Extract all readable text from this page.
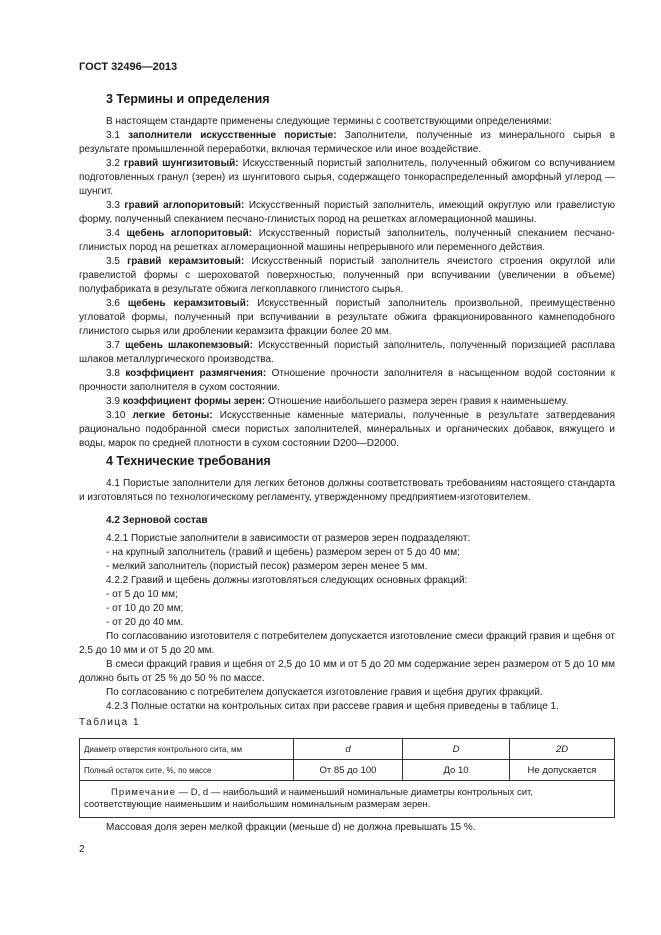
ГОСТ 32496—2013
3 Термины и определения

В настоящем стандарте применены следующие термины с соответствующими определениями:

3.1 заполнители искусственные пористые: Заполнители, полученные из минерального сырья в результате промышленной переработки, включая термическое или иное воздействие.

3.2 гравий шунгизитовый: Искусственный пористый заполнитель, полученный обжигом со вспучиванием подготовленных гранул (зерен) из шунгитового сырья, содержащего тонкораспределенный аморфный углерод — шунгит.

3.3 гравий аглопоритовый: Искусственный пористый заполнитель, имеющий округлую или гравелистую форму, полученный спеканием песчано-глинистых пород на решетках агломерационной машины.

3.4 щебень аглопоритовый: Искусственный пористый заполнитель, полученный спеканием песчано-глинистых пород на решетках агломерационной машины непрерывного или переменного действия.

3.5 гравий керамзитовый: Искусственный пористый заполнитель ячеистого строения округлой или гравелистой формы с шероховатой поверхностью, полученный при вспучивании (увеличении в объеме) полуфабриката в результате обжига легкоплавкого глинистого сырья.

3.6 щебень керамзитовый: Искусственный пористый заполнитель произвольной, преимущественно угловатой формы, полученный при вспучивании в результате обжига фракционированного камнеподобного глинистого сырья или дроблении керамзита фракции более 20 мм.

3.7 щебень шлакопемзовый: Искусственный пористый заполнитель, полученный поризацией расплава шлаков металлургического производства.

3.8 коэффициент размягчения: Отношение прочности заполнителя в насыщенном водой состоянии к прочности заполнителя в сухом состоянии.

3.9 коэффициент формы зерен: Отношение наибольшего размера зерен гравия к наименьшему.

3.10 легкие бетоны: Искусственные каменные материалы, полученные в результате затвердевания рационально подобранной смеси пористых заполнителей, минеральных и органических добавок, вяжущего и воды, марок по средней плотности в сухом состоянии D200—D2000.

4 Технические требования

4.1 Пористые заполнители для легких бетонов должны соответствовать требованиям настоящего стандарта и изготовляться по технологическому регламенту, утвержденному предприятием-изготовителем.

4.2 Зерновой состав

4.2.1 Пористые заполнители в зависимости от размеров зерен подразделяют:

- на крупный заполнитель (гравий и щебень) размером зерен от 5 до 40 мм;

- мелкий заполнитель (пористый песок) размером зерен менее 5 мм.

4.2.2 Гравий и щебень должны изготовляться следующих основных фракций:

- от 5 до 10 мм;

- от 10 до 20 мм;

- от 20 до 40 мм.

По согласованию изготовителя с потребителем допускается изготовление смеси фракций гравия и щебня от 2,5 до 10 мм и от 5 до 20 мм.

В смеси фракций гравия и щебня от 2,5 до 10 мм и от 5 до 20 мм содержание зерен размером от 5 до 10 мм должно быть от 25 % до 50 % по массе.

По согласованию с потребителем допускается изготовление гравия и щебня других фракций.

4.2.3 Полные остатки на контрольных ситах при рассеве гравия и щебня приведены в таблице 1.

Таблица 1
Диаметр отверстия контрольного сита, мм	d	D	2D
Полный остаток сите, %, по массе	От 85 до 100	До 10	Не допускается
Примечание — D, d — наибольший и наименьший номинальные диаметры контрольных сит, соответствующие наименьшим и наибольшим номинальным размерам зерен.			
Массовая доля зерен мелкой фракции (меньше d) не должна превышать 15 %.
2
